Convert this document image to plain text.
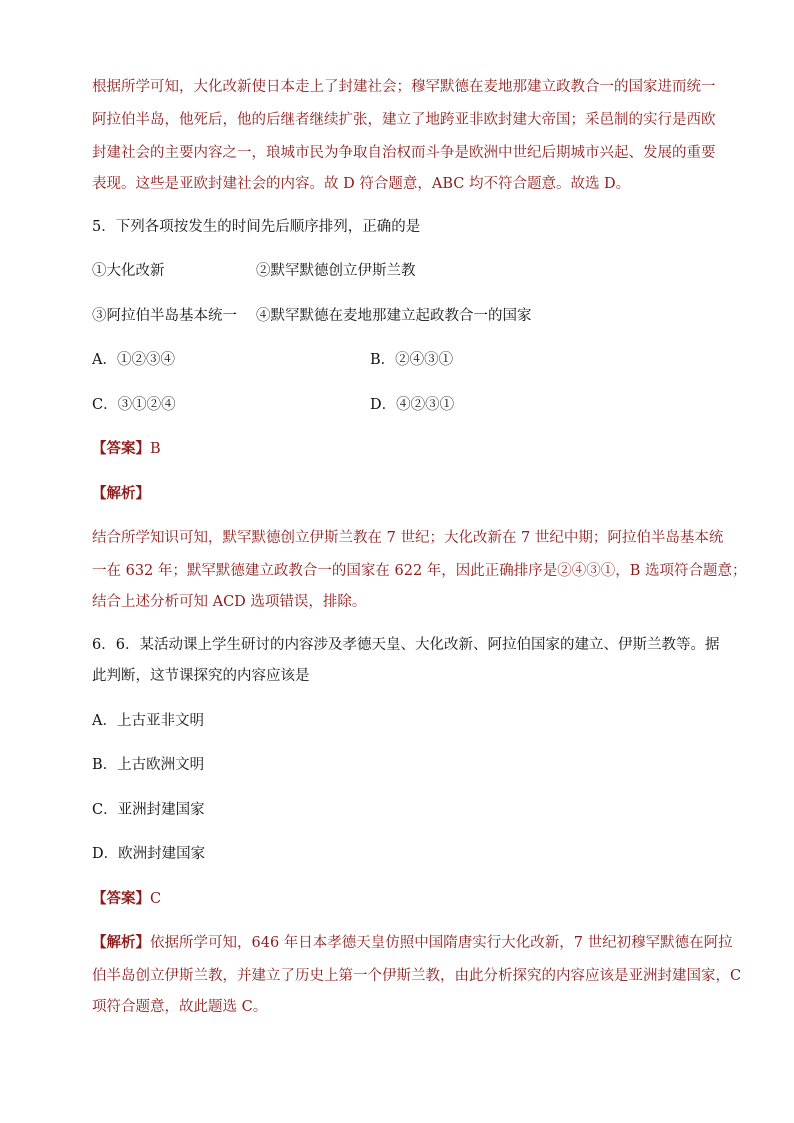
根据所学可知，大化改新使日本走上了封建社会；穆罕默德在麦地那建立政教合一的国家进而统一
阿拉伯半岛，他死后，他的后继者继续扩张，建立了地跨亚非欧封建大帝国；采邑制的实行是西欧
封建社会的主要内容之一，琅城市民为争取自治权而斗争是欧洲中世纪后期城市兴起、发展的重要
表现。这些是亚欧封建社会的内容。故 D 符合题意，ABC 均不符合题意。故选 D。
5．下列各项按发生的时间先后顺序排列，正确的是
①大化改新	②默罕默德创立伊斯兰教
③阿拉伯半岛基本统一 ④默罕默德在麦地那建立起政教合一的国家
A．①②③④	B．②④③①
C．③①②④	D．④②③①
【答案】B
【解析】
结合所学知识可知，默罕默德创立伊斯兰教在 7 世纪；大化改新在 7 世纪中期；阿拉伯半岛基本统
一在 632 年；默罕默德建立政教合一的国家在 622 年，因此正确排序是②④③①，B 选项符合题意；
结合上述分析可知 ACD 选项错误，排除。
6．6．某活动课上学生研讨的内容涉及孝德天皇、大化改新、阿拉伯国家的建立、伊斯兰教等。据
此判断，这节课探究的内容应该是
A．上古亚非文明
B．上古欧洲文明
C．亚洲封建国家
D．欧洲封建国家
【答案】C
【解析】依据所学可知，646 年日本孝德天皇仿照中国隋唐实行大化改新，7 世纪初穆罕默德在阿拉
伯半岛创立伊斯兰教，并建立了历史上第一个伊斯兰教，由此分析探究的内容应该是亚洲封建国家，C
项符合题意，故此题选 C。
